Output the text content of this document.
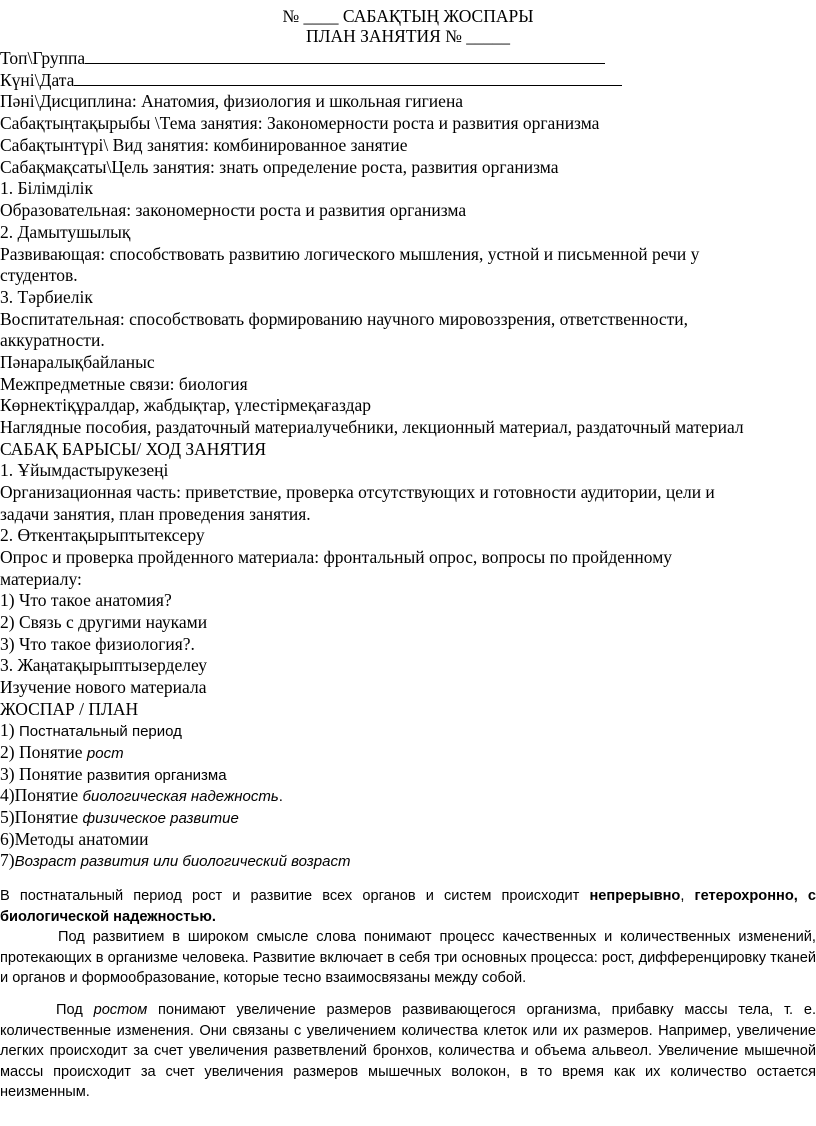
№ ____ САБАҚТЫҢ ЖОСПАРЫ
ПЛАН ЗАНЯТИЯ № _____
Топ\Группа
Күні\Дата
Пәні\Дисциплина: Анатомия, физиология и школьная гигиена
Сабақтыңтақырыбы \Тема занятия: Закономерности роста и развития организма
Сабақтынтүрі\ Вид занятия: комбинированное занятие
Сабақмақсаты\Цель занятия: знать определение роста, развития организма
1. Білімділік
Образовательная: закономерности роста и развития организма
2. Дамытушылық
Развивающая: способствовать развитию логического мышления, устной и письменной речи у
студентов.
3. Тәрбиелік
Воспитательная: способствовать формированию научного мировоззрения, ответственности,
аккуратности.
Пәнаралықбайланыс
Межпредметные связи: биология
Көрнектіқұралдар, жабдықтар, үлестірмеқағаздар
Наглядные пособия, раздаточный материалучебники, лекционный материал, раздаточный материал
САБАҚ БАРЫСЫ/ ХОД ЗАНЯТИЯ
1. Ұйымдастырукезеңі
Организационная часть: приветствие, проверка отсутствующих и готовности аудитории, цели и
задачи занятия, план проведения занятия.
2. Өткентақырыптытексеру
Опрос и проверка пройденного материала: фронтальный опрос, вопросы по пройденному
материалу:
1) Что такое анатомия?
2) Связь с другими науками
3) Что такое физиология?.
3. Жаңатақырыптызерделеу
Изучение нового материала
ЖОСПАР / ПЛАН
1) Постнатальный период
2) Понятие рост
3) Понятие развития организма
4)Понятие биологическая надежность.
5)Понятие физическое развитие
6)Методы анатомии
7)Возраст развития или биологический возраст
В постнатальный период рост и развитие всех органов и систем происходит непрерывно, гетерохронно, с биологической надежностью.
Под развитием в широком смысле слова понимают процесс качественных и количественных изменений, протекающих в организме человека. Развитие включает в себя три основных процесса: рост, дифференцировку тканей и органов и формообразование, которые тесно взаимосвязаны между собой.
Под ростом понимают увеличение размеров развивающегося организма, прибавку массы тела, т. е. количественные изменения. Они связаны с увеличением количества клеток или их размеров. Например, увеличение легких происходит за счет увеличения разветвлений бронхов, количества и объема альвеол. Увеличение мышечной массы происходит за счет увеличения размеров мышечных волокон, в то время как их количество остается неизменным.
